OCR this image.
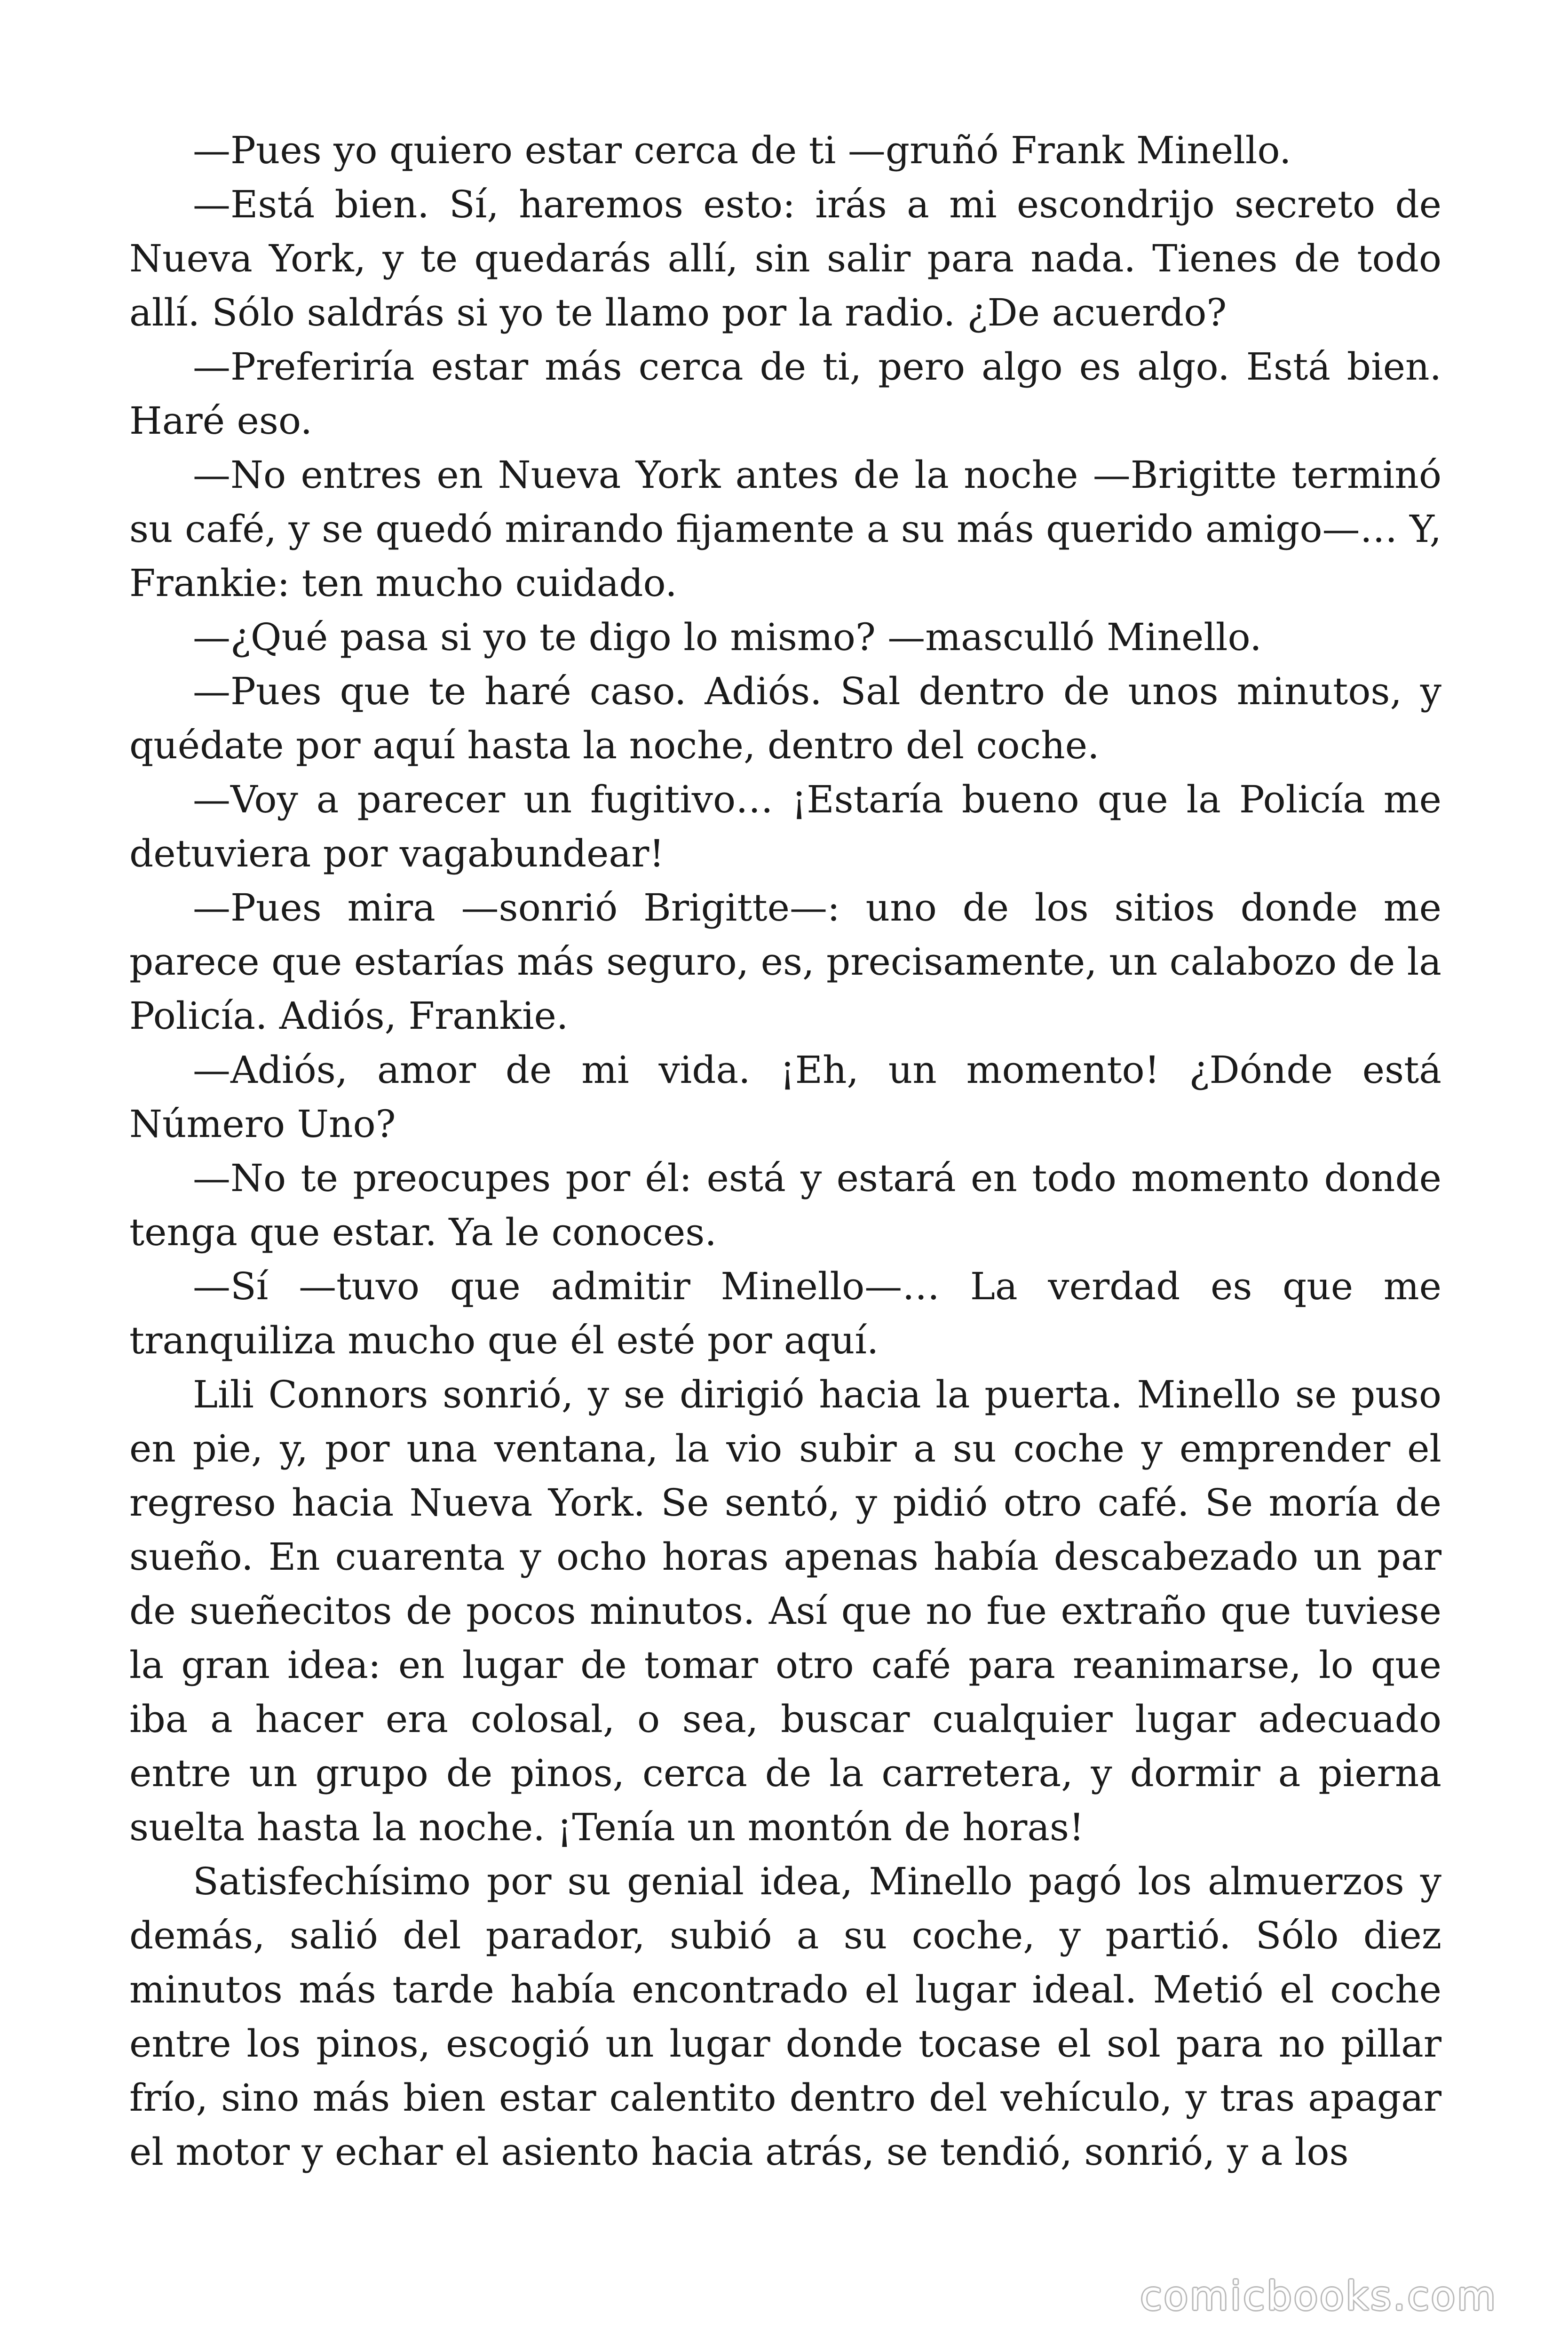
—Pues yo quiero estar cerca de ti —gruñó Frank Minello.

—Está bien. Sí, haremos esto: irás a mi escondrijo secreto de Nueva York, y te quedarás allí, sin salir para nada. Tienes de todo allí. Sólo saldrás si yo te llamo por la radio. ¿De acuerdo?

—Preferiría estar más cerca de ti, pero algo es algo. Está bien. Haré eso.

—No entres en Nueva York antes de la noche —Brigitte terminó su café, y se quedó mirando fijamente a su más querido amigo—… Y, Frankie: ten mucho cuidado.

—¿Qué pasa si yo te digo lo mismo? —masculló Minello.

—Pues que te haré caso. Adiós. Sal dentro de unos minutos, y quédate por aquí hasta la noche, dentro del coche.

—Voy a parecer un fugitivo… ¡Estaría bueno que la Policía me detuviera por vagabundear!

—Pues mira —sonrió Brigitte—: uno de los sitios donde me parece que estarías más seguro, es, precisamente, un calabozo de la Policía. Adiós, Frankie.

—Adiós, amor de mi vida. ¡Eh, un momento! ¿Dónde está Número Uno?

—No te preocupes por él: está y estará en todo momento donde tenga que estar. Ya le conoces.

—Sí —tuvo que admitir Minello—… La verdad es que me tranquiliza mucho que él esté por aquí.

Lili Connors sonrió, y se dirigió hacia la puerta. Minello se puso en pie, y, por una ventana, la vio subir a su coche y emprender el regreso hacia Nueva York. Se sentó, y pidió otro café. Se moría de sueño. En cuarenta y ocho horas apenas había descabezado un par de sueñecitos de pocos minutos. Así que no fue extraño que tuviese la gran idea: en lugar de tomar otro café para reanimarse, lo que iba a hacer era colosal, o sea, buscar cualquier lugar adecuado entre un grupo de pinos, cerca de la carretera, y dormir a pierna suelta hasta la noche. ¡Tenía un montón de horas!

Satisfechísimo por su genial idea, Minello pagó los almuerzos y demás, salió del parador, subió a su coche, y partió. Sólo diez minutos más tarde había encontrado el lugar ideal. Metió el coche entre los pinos, escogió un lugar donde tocase el sol para no pillar frío, sino más bien estar calentito dentro del vehículo, y tras apagar el motor y echar el asiento hacia atrás, se tendió, sonrió, y a los

comicbooks.com
